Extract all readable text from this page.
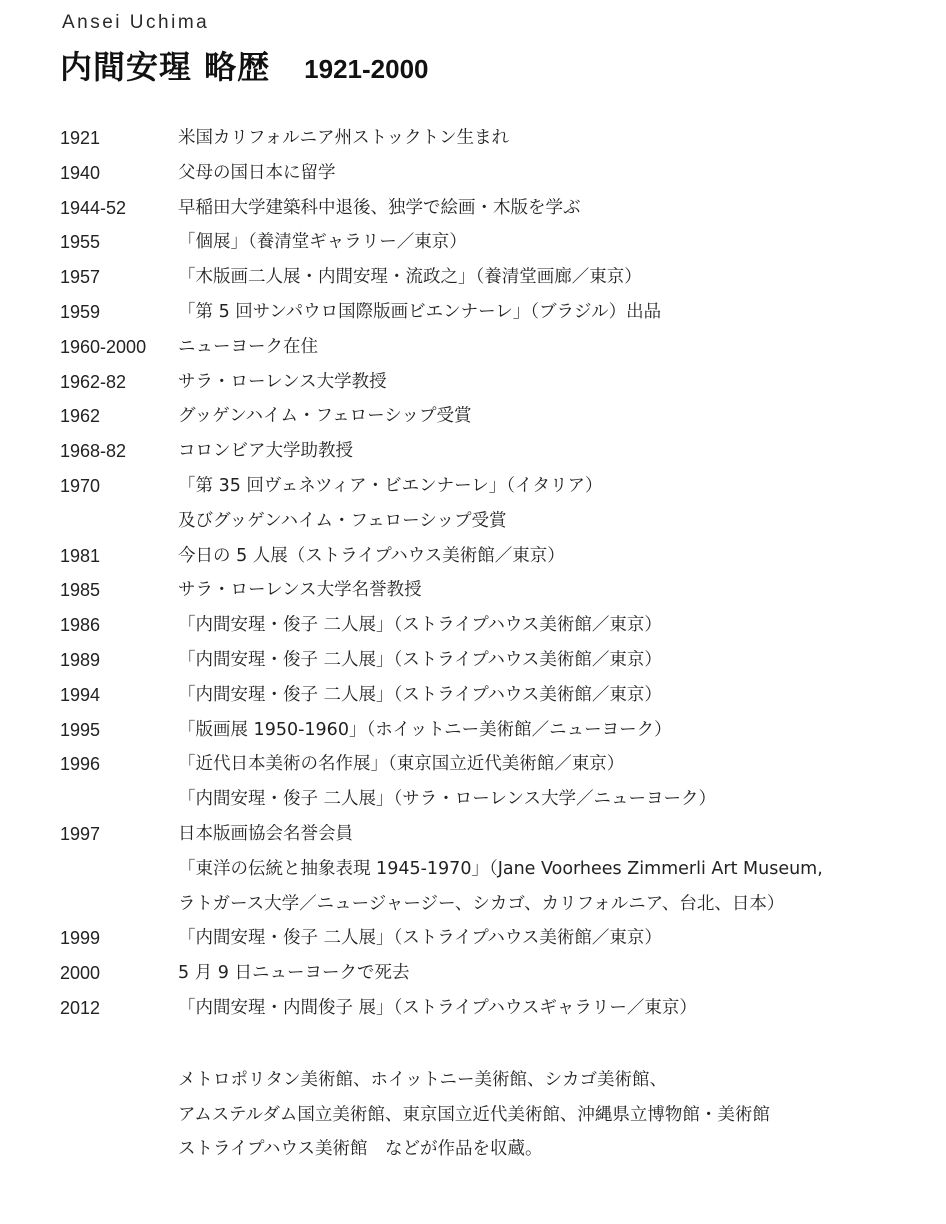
Ansei Uchima
内間安瑆 略歴 1921-2000
1921	米国カリフォルニア州ストックトン生まれ
1940	父母の国日本に留学
1944-52	早稲田大学建築科中退後、独学で絵画・木版を学ぶ
1955	「個展」（養清堂ギャラリー／東京）
1957	「木版画二人展・内間安瑆・流政之」（養清堂画廊／東京）
1959	「第 5 回サンパウロ国際版画ビエンナーレ」（ブラジル）出品
1960-2000 ニューヨーク在住
1962-82	サラ・ローレンス大学教授
1962	グッゲンハイム・フェローシップ受賞
1968-82	コロンビア大学助教授
1970	「第 35 回ヴェネツィア・ビエンナーレ」（イタリア）
及びグッゲンハイム・フェローシップ受賞
1981	今日の 5 人展（ストライプハウス美術館／東京）
1985	サラ・ローレンス大学名誉教授
1986	「内間安瑆・俊子 二人展」（ストライプハウス美術館／東京）
1989	「内間安瑆・俊子 二人展」（ストライプハウス美術館／東京）
1994	「内間安瑆・俊子 二人展」（ストライプハウス美術館／東京）
1995	「版画展 1950-1960」（ホイットニー美術館／ニューヨーク）
1996	「近代日本美術の名作展」（東京国立近代美術館／東京）
「内間安瑆・俊子 二人展」（サラ・ローレンス大学／ニューヨーク）
1997	日本版画協会名誉会員
「東洋の伝統と抽象表現 1945-1970」（Jane Voorhees Zimmerli Art Museum,
ラトガース大学／ニュージャージー、シカゴ、カリフォルニア、台北、日本）
1999	「内間安瑆・俊子 二人展」（ストライプハウス美術館／東京）
2000	5 月 9 日ニューヨークで死去
2012	「内間安瑆・内間俊子 展」（ストライプハウスギャラリー／東京）
メトロポリタン美術館、ホイットニー美術館、シカゴ美術館、
アムステルダム国立美術館、東京国立近代美術館、沖縄県立博物館・美術館
ストライプハウス美術館　などが作品を収蔵。
